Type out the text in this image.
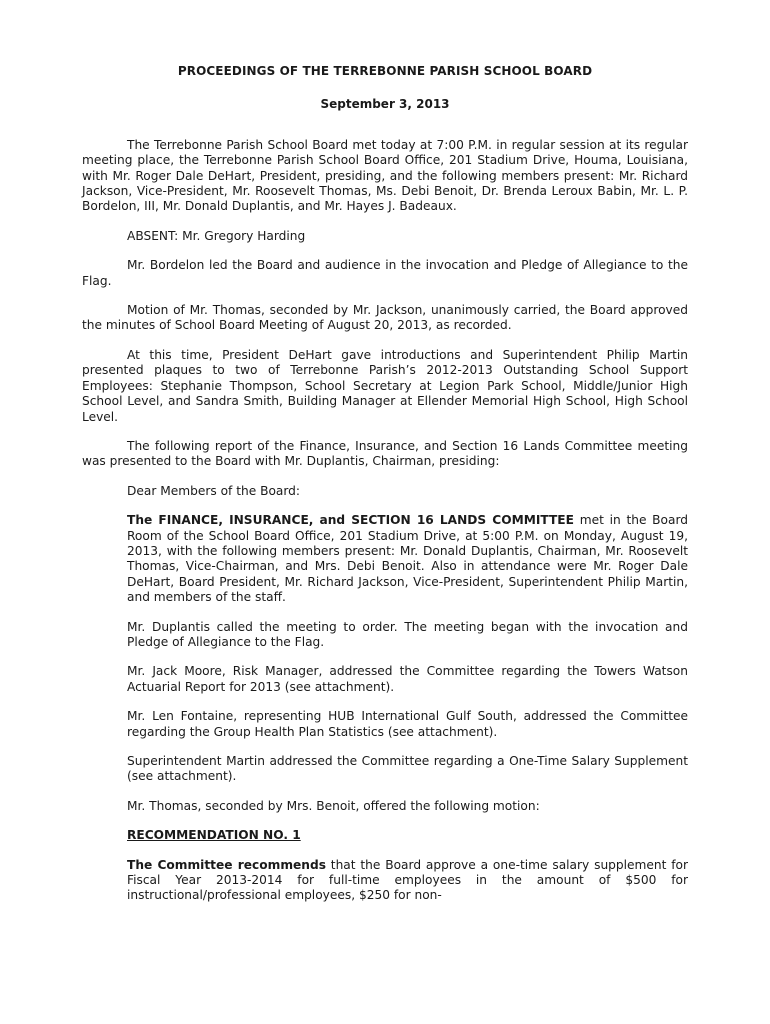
PROCEEDINGS OF THE TERREBONNE PARISH SCHOOL BOARD
September 3, 2013

The Terrebonne Parish School Board met today at 7:00 P.M. in regular session at its regular meeting place, the Terrebonne Parish School Board Office, 201 Stadium Drive, Houma, Louisiana, with Mr. Roger Dale DeHart, President, presiding, and the following members present: Mr. Richard Jackson, Vice-President, Mr. Roosevelt Thomas, Ms. Debi Benoit, Dr. Brenda Leroux Babin, Mr. L. P. Bordelon, III, Mr. Donald Duplantis, and Mr. Hayes J. Badeaux.

ABSENT: Mr. Gregory Harding

Mr. Bordelon led the Board and audience in the invocation and Pledge of Allegiance to the Flag.

Motion of Mr. Thomas, seconded by Mr. Jackson, unanimously carried, the Board approved the minutes of School Board Meeting of August 20, 2013, as recorded.

At this time, President DeHart gave introductions and Superintendent Philip Martin presented plaques to two of Terrebonne Parish’s 2012-2013 Outstanding School Support Employees: Stephanie Thompson, School Secretary at Legion Park School, Middle/Junior High School Level, and Sandra Smith, Building Manager at Ellender Memorial High School, High School Level.

The following report of the Finance, Insurance, and Section 16 Lands Committee meeting was presented to the Board with Mr. Duplantis, Chairman, presiding:

Dear Members of the Board:

The FINANCE, INSURANCE, and SECTION 16 LANDS COMMITTEE met in the Board Room of the School Board Office, 201 Stadium Drive, at 5:00 P.M. on Monday, August 19, 2013, with the following members present: Mr. Donald Duplantis, Chairman, Mr. Roosevelt Thomas, Vice-Chairman, and Mrs. Debi Benoit. Also in attendance were Mr. Roger Dale DeHart, Board President, Mr. Richard Jackson, Vice-President, Superintendent Philip Martin, and members of the staff.

Mr. Duplantis called the meeting to order. The meeting began with the invocation and Pledge of Allegiance to the Flag.

Mr. Jack Moore, Risk Manager, addressed the Committee regarding the Towers Watson Actuarial Report for 2013 (see attachment).

Mr. Len Fontaine, representing HUB International Gulf South, addressed the Committee regarding the Group Health Plan Statistics (see attachment).

Superintendent Martin addressed the Committee regarding a One-Time Salary Supplement (see attachment).

Mr. Thomas, seconded by Mrs. Benoit, offered the following motion:

RECOMMENDATION NO. 1

The Committee recommends that the Board approve a one-time salary supplement for Fiscal Year 2013-2014 for full-time employees in the amount of $500 for instructional/professional employees, $250 for non-
